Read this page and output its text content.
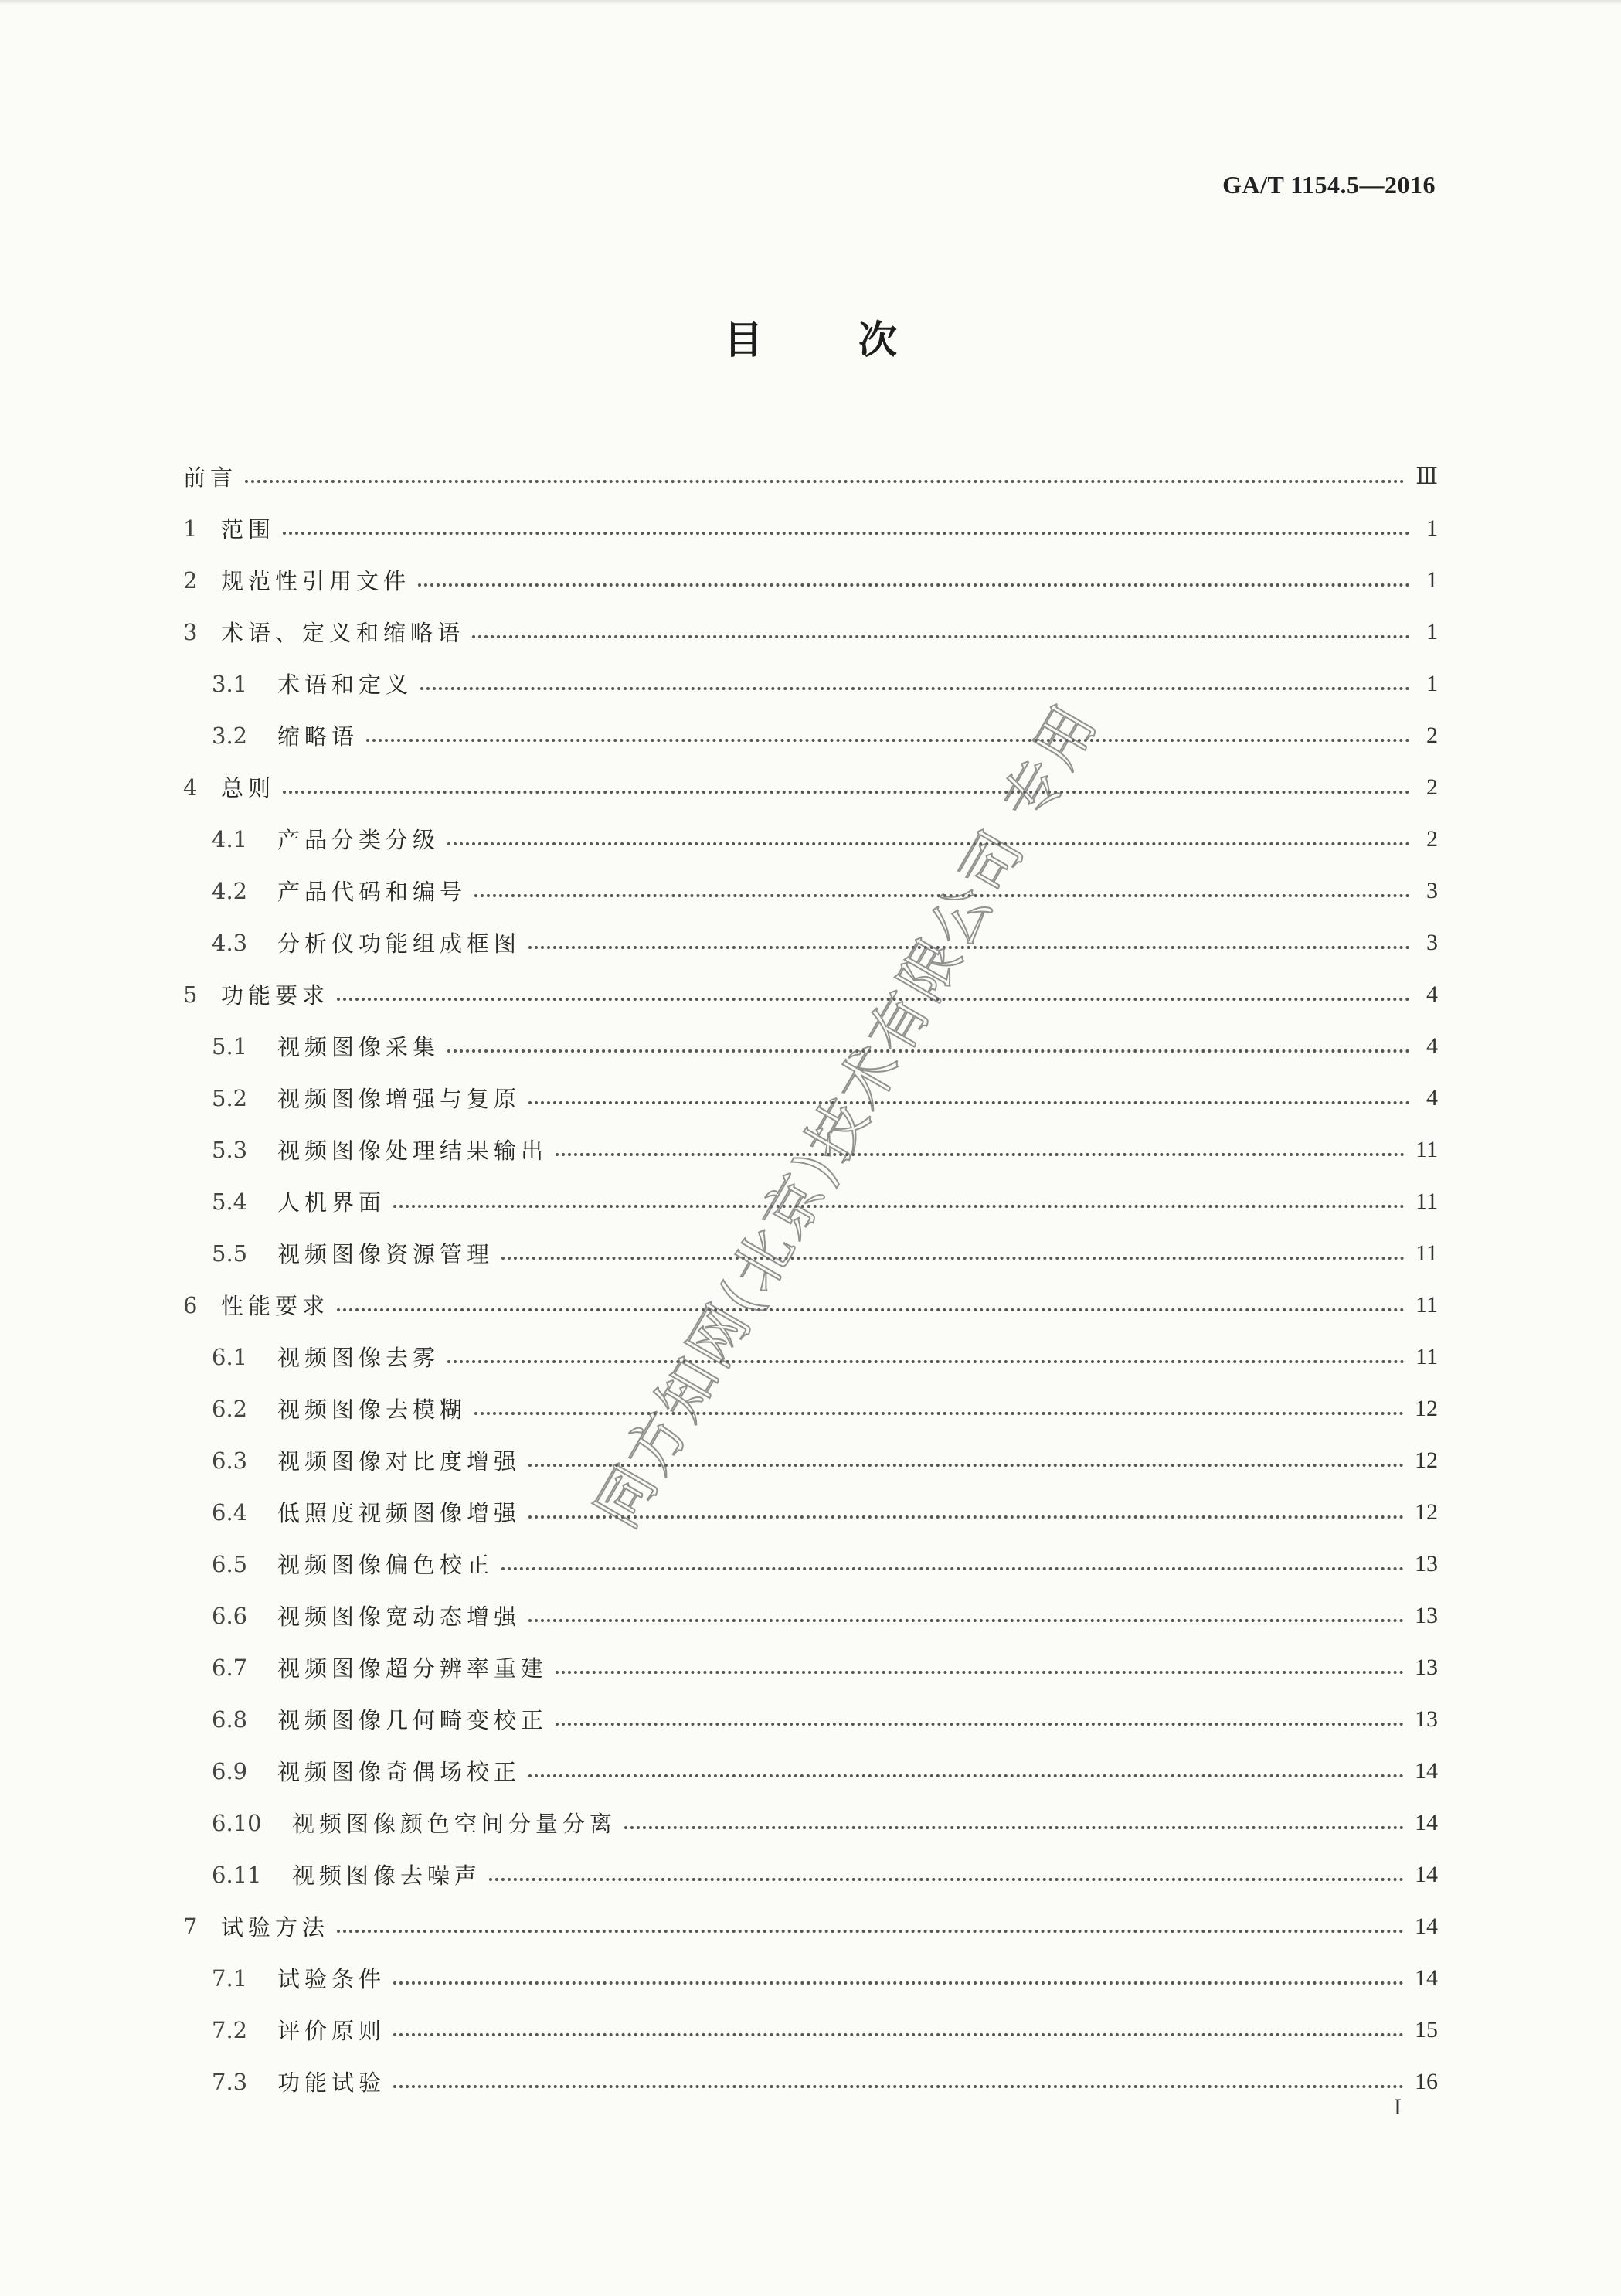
GA/T 1154.5—2016
目次
前言	Ⅲ
1	范围	1
2	规范性引用文件	1
3	术语、定义和缩略语	1
3.1	术语和定义	1
3.2	缩略语	2
4	总则	2
4.1	产品分类分级	2
4.2	产品代码和编号	3
4.3	分析仪功能组成框图	3
5	功能要求	4
5.1	视频图像采集	4
5.2	视频图像增强与复原	4
5.3	视频图像处理结果输出	11
5.4	人机界面	11
5.5	视频图像资源管理	11
6	性能要求	11
6.1	视频图像去雾	11
6.2	视频图像去模糊	12
6.3	视频图像对比度增强	12
6.4	低照度视频图像增强	12
6.5	视频图像偏色校正	13
6.6	视频图像宽动态增强	13
6.7	视频图像超分辨率重建	13
6.8	视频图像几何畸变校正	13
6.9	视频图像奇偶场校正	14
6.10	视频图像颜色空间分量分离	14
6.11	视频图像去噪声	14
7	试验方法	14
7.1	试验条件	14
7.2	评价原则	15
7.3	功能试验	16
I
同方知网(北京)技术有限公司 专用
